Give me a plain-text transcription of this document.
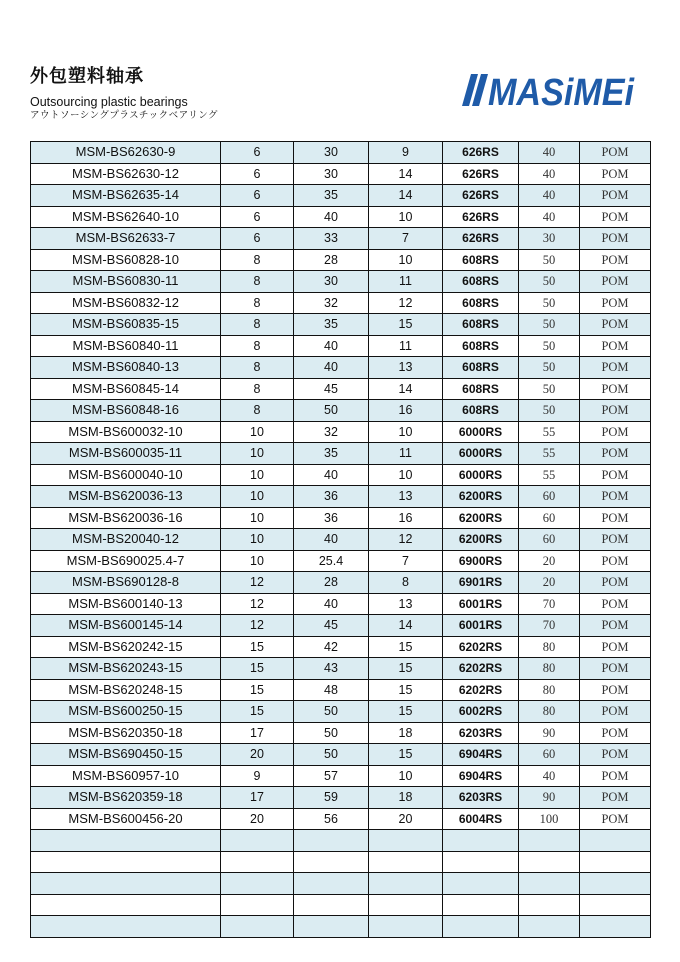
外包塑料轴承
Outsourcing plastic bearings
アウトソーシングプラスチックベアリング
MASiMEi
MSM-BS62630-9	6	30	9	626RS	40	POM
MSM-BS62630-12	6	30	14	626RS	40	POM
MSM-BS62635-14	6	35	14	626RS	40	POM
MSM-BS62640-10	6	40	10	626RS	40	POM
MSM-BS62633-7	6	33	7	626RS	30	POM
MSM-BS60828-10	8	28	10	608RS	50	POM
MSM-BS60830-11	8	30	11	608RS	50	POM
MSM-BS60832-12	8	32	12	608RS	50	POM
MSM-BS60835-15	8	35	15	608RS	50	POM
MSM-BS60840-11	8	40	11	608RS	50	POM
MSM-BS60840-13	8	40	13	608RS	50	POM
MSM-BS60845-14	8	45	14	608RS	50	POM
MSM-BS60848-16	8	50	16	608RS	50	POM
MSM-BS600032-10	10	32	10	6000RS	55	POM
MSM-BS600035-11	10	35	11	6000RS	55	POM
MSM-BS600040-10	10	40	10	6000RS	55	POM
MSM-BS620036-13	10	36	13	6200RS	60	POM
MSM-BS620036-16	10	36	16	6200RS	60	POM
MSM-BS20040-12	10	40	12	6200RS	60	POM
MSM-BS690025.4-7	10	25.4	7	6900RS	20	POM
MSM-BS690128-8	12	28	8	6901RS	20	POM
MSM-BS600140-13	12	40	13	6001RS	70	POM
MSM-BS600145-14	12	45	14	6001RS	70	POM
MSM-BS620242-15	15	42	15	6202RS	80	POM
MSM-BS620243-15	15	43	15	6202RS	80	POM
MSM-BS620248-15	15	48	15	6202RS	80	POM
MSM-BS600250-15	15	50	15	6002RS	80	POM
MSM-BS620350-18	17	50	18	6203RS	90	POM
MSM-BS690450-15	20	50	15	6904RS	60	POM
MSM-BS60957-10	9	57	10	6904RS	40	POM
MSM-BS620359-18	17	59	18	6203RS	90	POM
MSM-BS600456-20	20	56	20	6004RS	100	POM
